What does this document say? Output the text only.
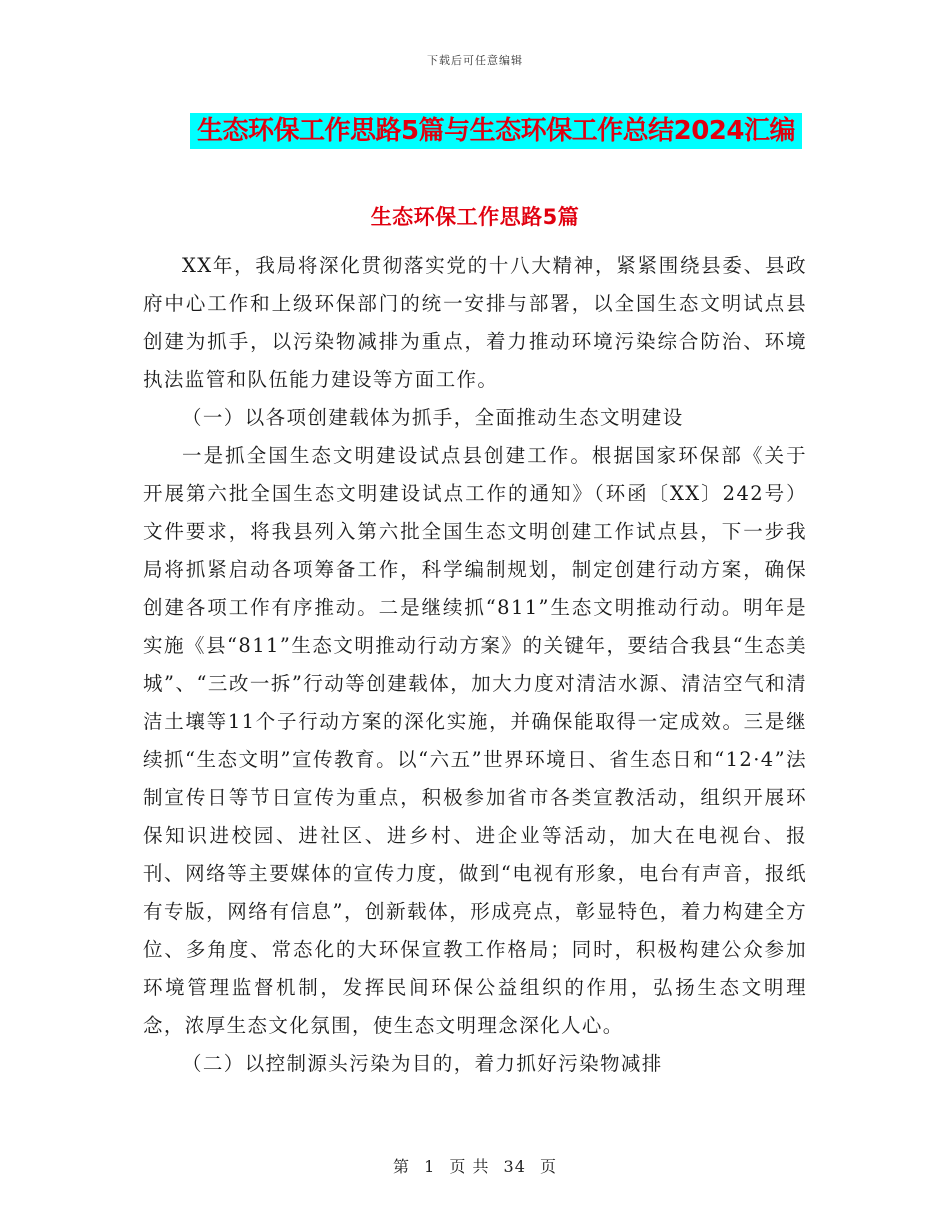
下载后可任意编辑
生态环保工作思路5篇与生态环保工作总结2024汇编
生态环保工作思路5篇

XX年，我局将深化贯彻落实党的十八大精神，紧紧围绕县委、县政府中心工作和上级环保部门的统一安排与部署，以全国生态文明试点县创建为抓手，以污染物减排为重点，着力推动环境污染综合防治、环境执法监管和队伍能力建设等方面工作。

（一）以各项创建载体为抓手，全面推动生态文明建设

一是抓全国生态文明建设试点县创建工作。根据国家环保部《关于开展第六批全国生态文明建设试点工作的通知》（环函〔XX〕242号）文件要求，将我县列入第六批全国生态文明创建工作试点县，下一步我局将抓紧启动各项筹备工作，科学编制规划，制定创建行动方案，确保创建各项工作有序推动。二是继续抓“811”生态文明推动行动。明年是实施《县“811”生态文明推动行动方案》的关键年，要结合我县“生态美城”、“三改一拆”行动等创建载体，加大力度对清洁水源、清洁空气和清洁土壤等11个子行动方案的深化实施，并确保能取得一定成效。三是继续抓“生态文明”宣传教育。以“六五”世界环境日、省生态日和“12·4”法制宣传日等节日宣传为重点，积极参加省市各类宣教活动，组织开展环保知识进校园、进社区、进乡村、进企业等活动，加大在电视台、报刊、网络等主要媒体的宣传力度，做到“电视有形象，电台有声音，报纸有专版，网络有信息”，创新载体，形成亮点，彰显特色，着力构建全方位、多角度、常态化的大环保宣教工作格局；同时，积极构建公众参加环境管理监督机制，发挥民间环保公益组织的作用，弘扬生态文明理念，浓厚生态文化氛围，使生态文明理念深化人心。

（二）以控制源头污染为目的，着力抓好污染物减排

第 1 页 共 34 页
